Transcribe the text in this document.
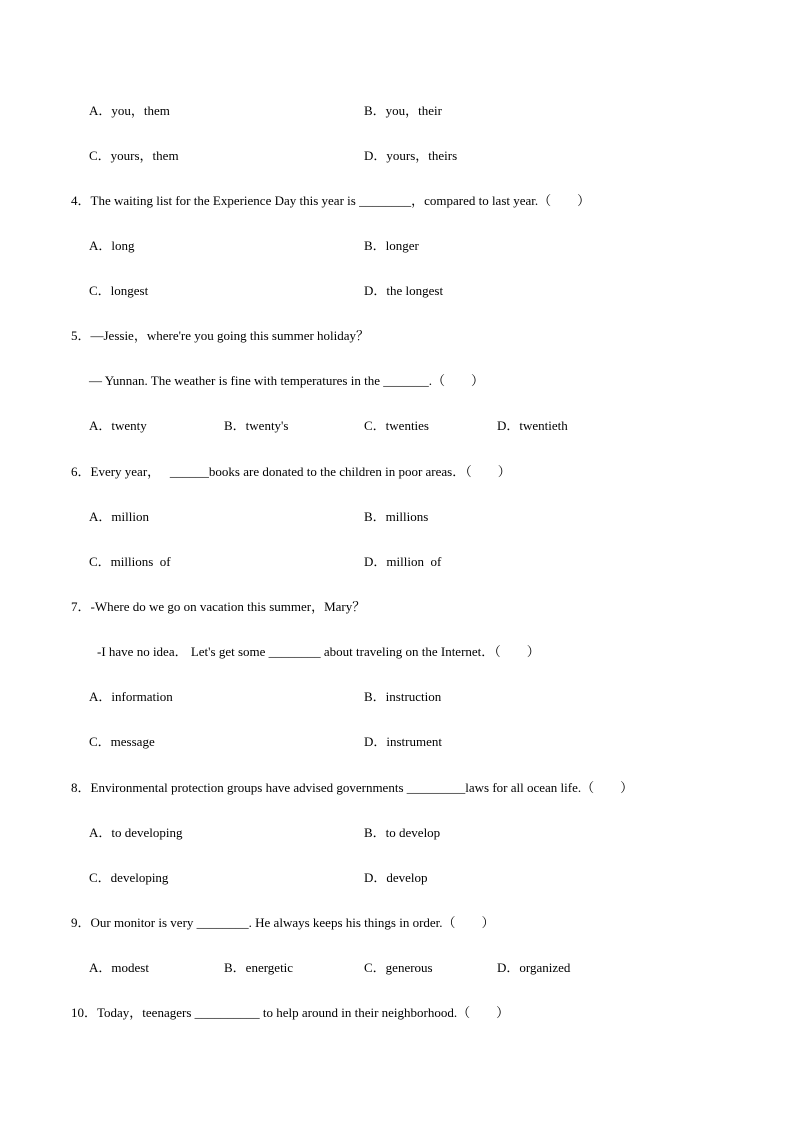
A．you，them	B．you，their
C．yours，them	D．yours，theirs
4．The waiting list for the Experience Day this year is ________，compared to last year.（　　）
A．long	B．longer
C．longest	D．the longest
5．—Jessie，where're you going this summer holiday？
— Yunnan. The weather is fine with temperatures in the _______.（　　）
A．twenty	B．twenty's	C．twenties	D．twentieth
6．Every year，   ______books are donated to the children in poor areas．（　　）
A．million	B．millions
C．millions  of	D．million  of
7．-Where do we go on vacation this summer，Mary？
-I have no idea． Let's get some ________ about traveling on the Internet．（　　）
A．information	B．instruction
C．message	D．instrument
8．Environmental protection groups have advised governments _________laws for all ocean life.（　　）
A．to developing	B．to develop
C．developing	D．develop
9．Our monitor is very ________. He always keeps his things in order.（　　）
A．modest	B．energetic	C．generous	D．organized
10．Today，teenagers __________ to help around in their neighborhood.（　　）
